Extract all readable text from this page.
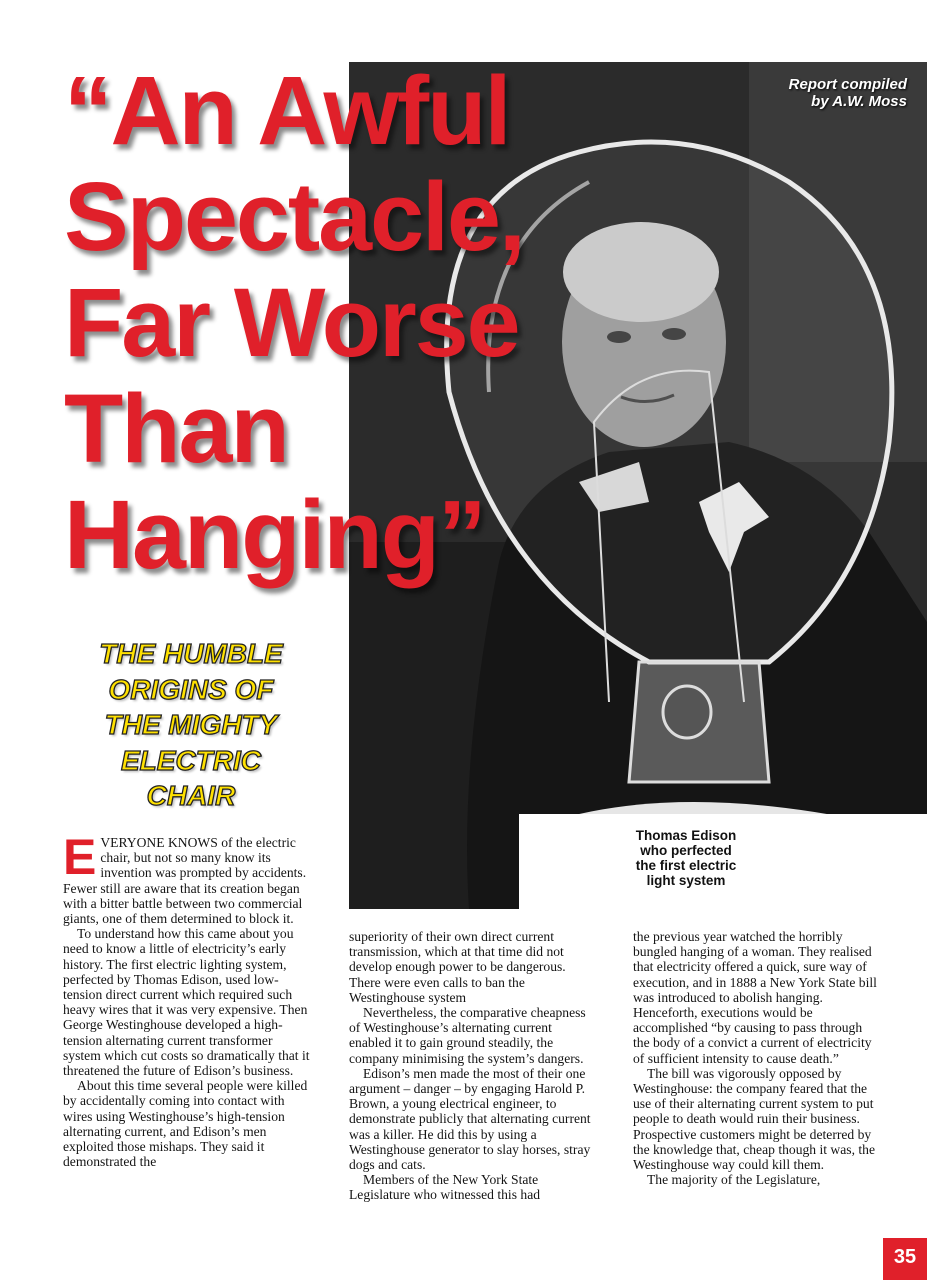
Report compiled
by A.W. Moss
Thomas Edison
who perfected
the first electric
light system
“An Awful
Spectacle,
Far Worse
Than
Hanging”
THE HUMBLE
ORIGINS OF
THE MIGHTY
ELECTRIC
CHAIR

EVERYONE KNOWS of the electric chair, but not so many know its invention was prompted by accidents. Fewer still are aware that its creation began with a bitter battle between two commercial giants, one of them determined to block it.

To understand how this came about you need to know a little of electricity’s early history. The first electric lighting system, perfected by Thomas Edison, used low-tension direct current which required such heavy wires that it was very expensive. Then George Westinghouse developed a high-tension alternating current transformer system which cut costs so dramatically that it threatened the future of Edison’s business.

About this time several people were killed by accidentally coming into contact with wires using Westinghouse’s high-tension alternating current, and Edison’s men exploited those mishaps. They said it demonstrated the

superiority of their own direct current transmission, which at that time did not develop enough power to be dangerous. There were even calls to ban the Westinghouse system

Nevertheless, the comparative cheapness of Westinghouse’s alternating current enabled it to gain ground steadily, the company minimising the system’s dangers.

Edison’s men made the most of their one argument – danger – by engaging Harold P. Brown, a young electrical engineer, to demonstrate publicly that alternating current was a killer. He did this by using a Westinghouse generator to slay horses, stray dogs and cats.

Members of the New York State Legislature who witnessed this had

the previous year watched the horribly bungled hanging of a woman. They realised that electricity offered a quick, sure way of execution, and in 1888 a New York State bill was introduced to abolish hanging. Henceforth, executions would be accomplished “by causing to pass through the body of a convict a current of electricity of sufficient intensity to cause death.”

The bill was vigorously opposed by Westinghouse: the company feared that the use of their alternating current system to put people to death would ruin their business. Prospective customers might be deterred by the knowledge that, cheap though it was, the Westinghouse way could kill them.

The majority of the Legislature,

35
